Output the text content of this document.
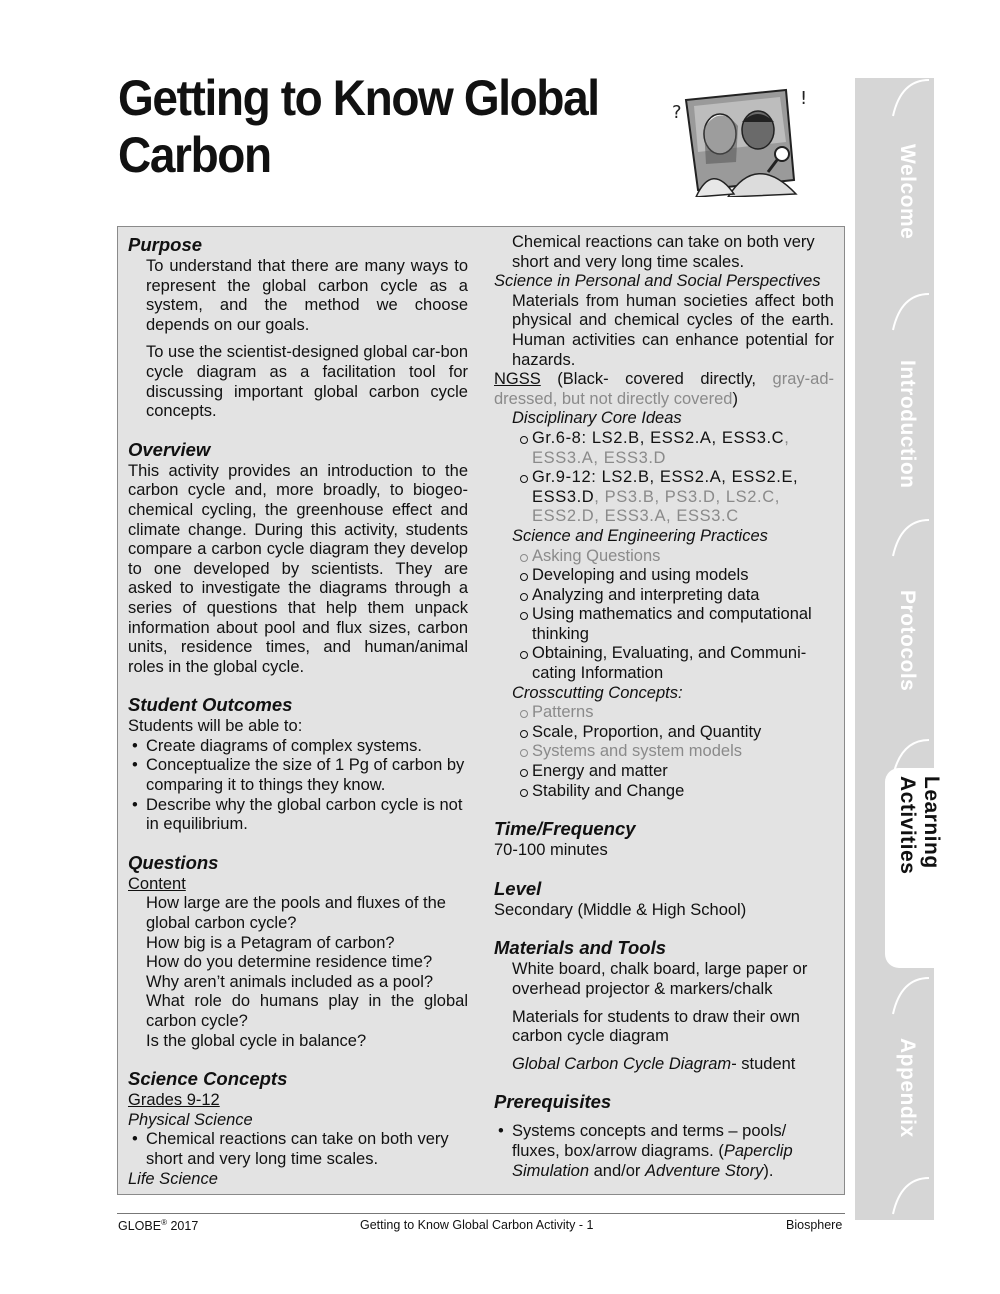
Getting to Know Global
Carbon
?
!
Purpose

To understand that there are many ways to represent the global carbon cycle as a system, and the method we choose depends on our goals.

To use the scientist-designed global car-bon cycle diagram as a facilitation tool for discussing important global carbon cycle concepts.

Overview

This activity provides an introduction to the carbon cycle and, more broadly, to biogeo-chemical cycling, the greenhouse effect and climate change. During this activity, students compare a carbon cycle diagram they develop to one developed by scientists. They are asked to investigate the diagrams through a series of questions that help them unpack information about pool and flux sizes, carbon units, residence times, and human/animal roles in the global cycle.

Student Outcomes

Students will be able to:

• Create diagrams of complex systems.
• Conceptualize the size of 1 Pg of carbon by comparing it to things they know.
• Describe why the global carbon cycle is not in equilibrium.
Questions

Content

How large are the pools and fluxes of the global carbon cycle?

How big is a Petagram of carbon?

How do you determine residence time?

Why aren’t animals included as a pool?

What role do humans play in the global carbon cycle?

Is the global cycle in balance?

Science Concepts

Grades 9-12

Physical Science

• Chemical reactions can take on both very short and very long time scales.

Life Science

Chemical reactions can take on both very short and very long time scales.

Science in Personal and Social Perspectives

Materials from human societies affect both physical and chemical cycles of the earth. Human activities can enhance potential for hazards.

NGSS (Black- covered directly, gray-ad-dressed, but not directly covered)

Disciplinary Core Ideas

Gr.6-8: LS2.B, ESS2.A, ESS3.C, ESS3.A, ESS3.D
Gr.9-12: LS2.B, ESS2.A, ESS2.E, ESS3.D, PS3.B, PS3.D, LS2.C, ESS2.D, ESS3.A, ESS3.C

Science and Engineering Practices

Asking Questions
Developing and using models
Analyzing and interpreting data
Using mathematics and computational thinking
Obtaining, Evaluating, and Communi-cating Information

Crosscutting Concepts:

Patterns
Scale, Proportion, and Quantity
Systems and system models
Energy and matter
Stability and Change
Time/Frequency

70-100 minutes

Level

Secondary (Middle & High School)

Materials and Tools

White board, chalk board, large paper or overhead projector & markers/chalk

Materials for students to draw their own carbon cycle diagram

Global Carbon Cycle Diagram- student

Prerequisites
• Systems concepts and terms – pools/ fluxes, box/arrow diagrams. (Paperclip Simulation and/or Adventure Story).
GLOBE® 2017	Getting to Know Global Carbon Activity - 1	Biosphere
Welcome
Introduction
Protocols
Learning Activities
Appendix
